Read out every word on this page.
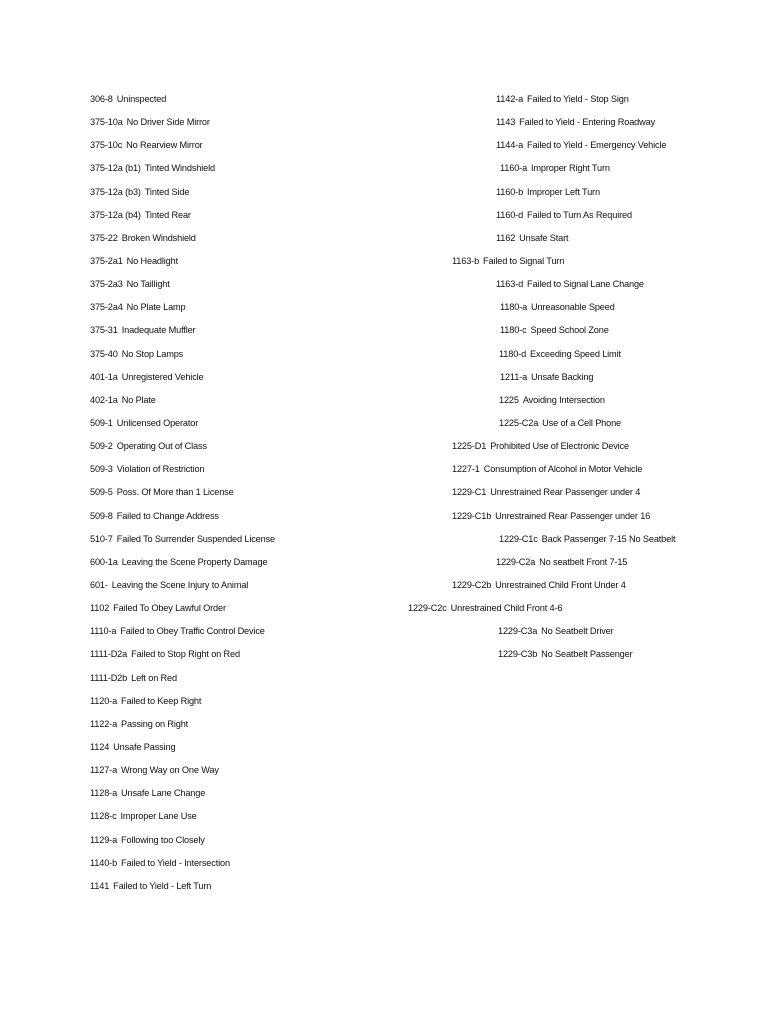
306-8 Uninspected
375-10a No Driver Side Mirror
375-10c No Rearview Mirror
375-12a (b1) Tinted Windshield
375-12a (b3) Tinted Side
375-12a (b4) Tinted Rear
375-22 Broken Windshield
375-2a1 No Headlight
375-2a3 No Taillight
375-2a4 No Plate Lamp
375-31 Inadequate Muffler
375-40 No Stop Lamps
401-1a Unregistered Vehicle
402-1a No Plate
509-1 Unlicensed Operator
509-2 Operating Out of Class
509-3 Violation of Restriction
509-5 Poss. Of More than 1 License
509-8 Failed to Change Address
510-7 Failed To Surrender Suspended License
600-1a Leaving the Scene Property Damage
601- Leaving the Scene Injury to Animal
1102 Failed To Obey Lawful Order
1110-a Failed to Obey Traffic Control Device
1111-D2a Failed to Stop Right on Red
1111-D2b Left on Red
1120-a Failed to Keep Right
1122-a Passing on Right
1124 Unsafe Passing
1127-a Wrong Way on One Way
1128-a Unsafe Lane Change
1128-c Improper Lane Use
1129-a Following too Closely
1140-b Failed to Yield - Intersection
1141 Failed to Yield - Left Turn
1142-a Failed to Yield - Stop Sign
1143 Failed to Yield - Entering Roadway
1144-a Failed to Yield - Emergency Vehicle
1160-a Improper Right Turn
1160-b Improper Left Turn
1160-d Failed to Turn As Required
1162 Unsafe Start
1163-b Failed to Signal Turn
1163-d Failed to Signal Lane Change
1180-a Unreasonable Speed
1180-c Speed School Zone
1180-d Exceeding Speed Limit
1211-a Unsafe Backing
1225 Avoiding Intersection
1225-C2a Use of a Cell Phone
1225-D1 Prohibited Use of Electronic Device
1227-1 Consumption of Alcohol in Motor Vehicle
1229-C1 Unrestrained Rear Passenger under 4
1229-C1b Unrestrained Rear Passenger under 16
1229-C1c Back Passenger 7-15 No Seatbelt
1229-C2a No seatbelt Front 7-15
1229-C2b Unrestrained Child Front Under 4
1229-C2c Unrestrained Child Front 4-6
1229-C3a No Seatbelt Driver
1229-C3b No Seatbelt Passenger
